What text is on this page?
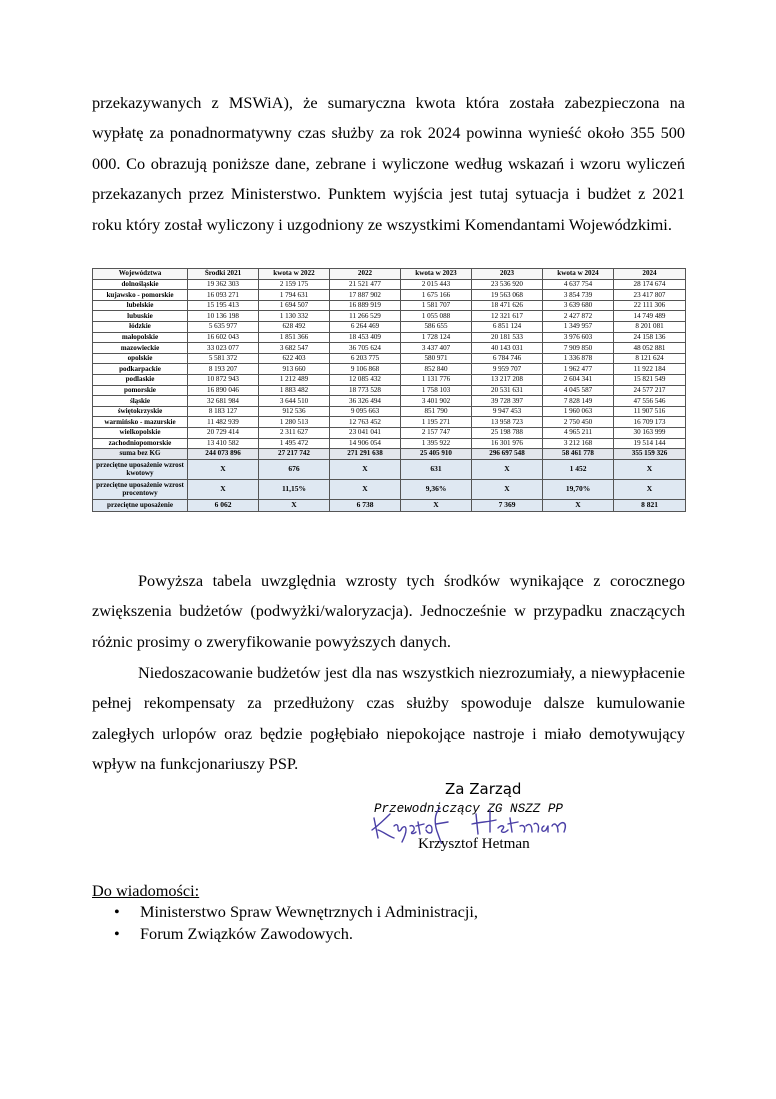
przekazywanych z MSWiA), że sumaryczna kwota która została zabezpieczona na wypłatę za ponadnormatywny czas służby za rok 2024 powinna wynieść około 355 500 000. Co obrazują poniższe dane, zebrane i wyliczone według wskazań i wzoru wyliczeń przekazanych przez Ministerstwo. Punktem wyjścia jest tutaj sytuacja i budżet z 2021 roku który został wyliczony i uzgodniony ze wszystkimi Komendantami Wojewódzkimi.
Województwa	Środki 2021	kwota w 2022	2022	kwota w 2023	2023	kwota w 2024	2024
dolnośląskie	19 362 303	2 159 175	21 521 477	2 015 443	23 536 920	4 637 754	28 174 674
kujawsko - pomorskie	16 093 271	1 794 631	17 887 902	1 675 166	19 563 068	3 854 739	23 417 807
lubelskie	15 195 413	1 694 507	16 889 919	1 581 707	18 471 626	3 639 680	22 111 306
lubuskie	10 136 198	1 130 332	11 266 529	1 055 088	12 321 617	2 427 872	14 749 489
łódzkie	5 635 977	628 492	6 264 469	586 655	6 851 124	1 349 957	8 201 081
małopolskie	16 602 043	1 851 366	18 453 409	1 728 124	20 181 533	3 976 603	24 158 136
mazowieckie	33 023 077	3 682 547	36 705 624	3 437 407	40 143 031	7 909 850	48 052 881
opolskie	5 581 372	622 403	6 203 775	580 971	6 784 746	1 336 878	8 121 624
podkarpackie	8 193 207	913 660	9 106 868	852 840	9 959 707	1 962 477	11 922 184
podlaskie	10 872 943	1 212 489	12 085 432	1 131 776	13 217 208	2 604 341	15 821 549
pomorskie	16 890 046	1 883 482	18 773 528	1 758 103	20 531 631	4 045 587	24 577 217
śląskie	32 681 984	3 644 510	36 326 494	3 401 902	39 728 397	7 828 149	47 556 546
świętokrzyskie	8 183 127	912 536	9 095 663	851 790	9 947 453	1 960 063	11 907 516
warmińsko - mazurskie	11 482 939	1 280 513	12 763 452	1 195 271	13 958 723	2 750 450	16 709 173
wielkopolskie	20 729 414	2 311 627	23 041 041	2 157 747	25 198 788	4 965 211	30 163 999
zachodniopomorskie	13 410 582	1 495 472	14 906 054	1 395 922	16 301 976	3 212 168	19 514 144
suma bez KG	244 073 896	27 217 742	271 291 638	25 405 910	296 697 548	58 461 778	355 159 326
przeciętne uposażenie wzrost kwotowy	X	676	X	631	X	1 452	X
przeciętne uposażenie wzrost procentowy	X	11,15%	X	9,36%	X	19,70%	X
przeciętne uposażenie	6 062	X	6 738	X	7 369	X	8 821
Powyższa tabela uwzględnia wzrosty tych środków wynikające z corocznego zwiększenia budżetów (podwyżki/waloryzacja). Jednocześnie w przypadku znaczących różnic prosimy o zweryfikowanie powyższych danych.
Niedoszacowanie budżetów jest dla nas wszystkich niezrozumiały, a niewypłacenie pełnej rekompensaty za przedłużony czas służby spowoduje dalsze kumulowanie zaległych urlopów oraz będzie pogłębiało niepokojące nastroje i miało demotywujący wpływ na funkcjonariuszy PSP.
Za Zarząd
Przewodniczący ZG NSZZ PP
Krzysztof Hetman
Do wiadomości:
• Ministerstwo Spraw Wewnętrznych i Administracji,
• Forum Związków Zawodowych.
